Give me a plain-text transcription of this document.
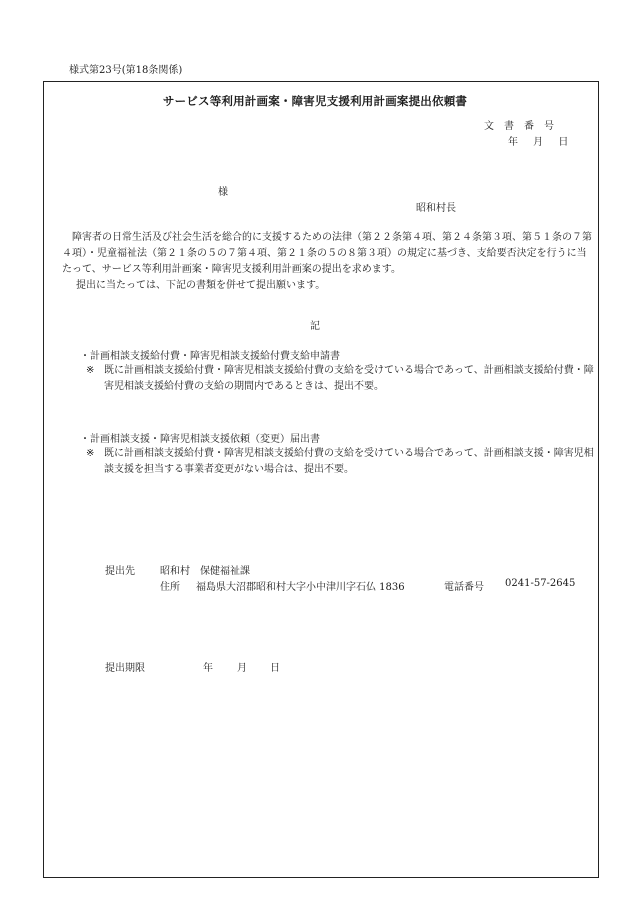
様式第23号(第18条関係)
サービス等利用計画案・障害児支援利用計画案提出依頼書
文書番号
年 月 日
様
昭和村長
障害者の日常生活及び社会生活を総合的に支援するための法律（第２２条第４項、第２４条第３項、第５１条の７第４項）・児童福祉法（第２１条の５の７第４項、第２１条の５の８第３項）の規定に基づき、支給要否決定を行うに当たって、サービス等利用計画案・障害児支援利用計画案の提出を求めます。
提出に当たっては、下記の書類を併せて提出願います。
記
・計画相談支援給付費・障害児相談支援給付費支給申請書
※ 既に計画相談支援給付費・障害児相談支援給付費の支給を受けている場合であって、計画相談支援給付費・障害児相談支援給付費の支給の期間内であるときは、提出不要。
・計画相談支援・障害児相談支援依頼（変更）届出書
※ 既に計画相談支援給付費・障害児相談支援給付費の支給を受けている場合であって、計画相談支援・障害児相談支援を担当する事業者変更がない場合は、提出不要。
提出先	昭和村　保健福祉課
住所 福島県大沼郡昭和村大字小中津川字石仏 1836	電話番号 0241-57-2645
提出期限	年 月 日
